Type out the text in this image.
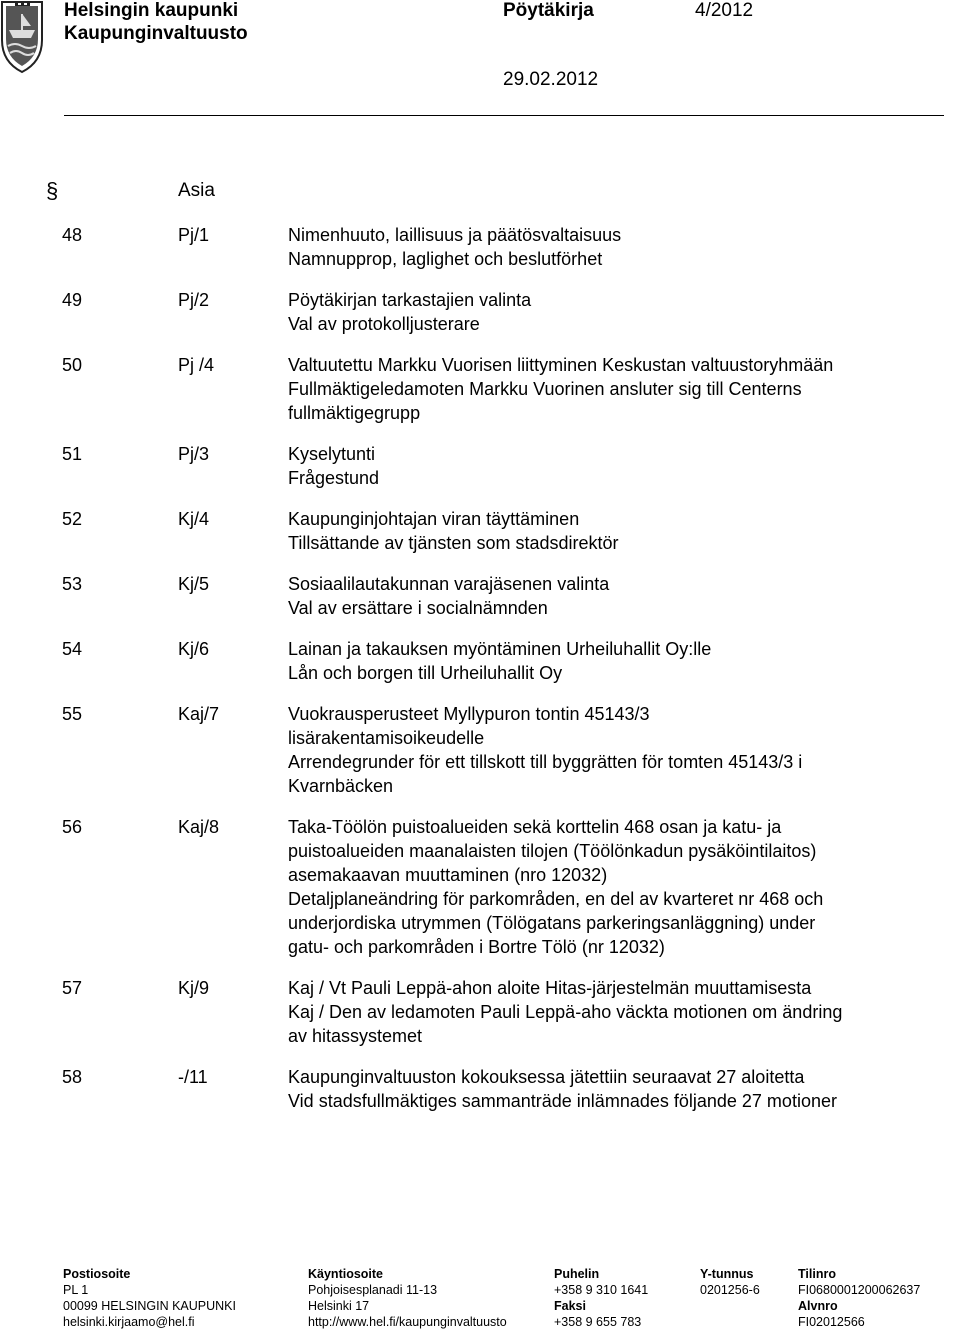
Helsingin kaupunki
Kaupunginvaltuusto
Pöytäkirja	4/2012
29.02.2012
§	Asia
48	Pj/1	Nimenhuuto, laillisuus ja päätösvaltaisuus
Namnupprop, laglighet och beslutförhet
49	Pj/2	Pöytäkirjan tarkastajien valinta
Val av protokolljusterare
50	Pj /4	Valtuutettu Markku Vuorisen liittyminen Keskustan valtuustoryhmään
Fullmäktigeledamoten Markku Vuorinen ansluter sig till Centerns
fullmäktigegrupp
51	Pj/3	Kyselytunti
Frågestund
52	Kj/4	Kaupunginjohtajan viran täyttäminen
Tillsättande av tjänsten som stadsdirektör
53	Kj/5	Sosiaalilautakunnan varajäsenen valinta
Val av ersättare i socialnämnden
54	Kj/6	Lainan ja takauksen myöntäminen Urheiluhallit Oy:lle
Lån och borgen till Urheiluhallit Oy
55	Kaj/7	Vuokrausperusteet Myllypuron tontin 45143/3
lisärakentamisoikeudelle
Arrendegrunder för ett tillskott till byggrätten för tomten 45143/3 i
Kvarnbäcken
56	Kaj/8	Taka-Töölön puistoalueiden sekä korttelin 468 osan ja katu- ja
puistoalueiden maanalaisten tilojen (Töölönkadun pysäköintilaitos)
asemakaavan muuttaminen (nro 12032)
Detaljplaneändring för parkområden, en del av kvarteret nr 468 och
underjordiska utrymmen (Tölögatans parkeringsanläggning) under
gatu- och parkområden i Bortre Tölö (nr 12032)
57	Kj/9	Kaj / Vt Pauli Leppä-ahon aloite Hitas-järjestelmän muuttamisesta
Kaj / Den av ledamoten Pauli Leppä-aho väckta motionen om ändring
av hitassystemet
58	-/11	Kaupunginvaltuuston kokouksessa jätettiin seuraavat 27 aloitetta
Vid stadsfullmäktiges sammanträde inlämnades följande 27 motioner
Postiosoite
PL 1
00099 HELSINGIN KAUPUNKI
helsinki.kirjaamo@hel.fi
Käyntiosoite
Pohjoisesplanadi 11-13
Helsinki 17
http://www.hel.fi/kaupunginvaltuusto
Puhelin
+358 9 310 1641
Faksi
+358 9 655 783
Y-tunnus
0201256-6
Tilinro
FI0680001200062637
Alvnro
FI02012566
